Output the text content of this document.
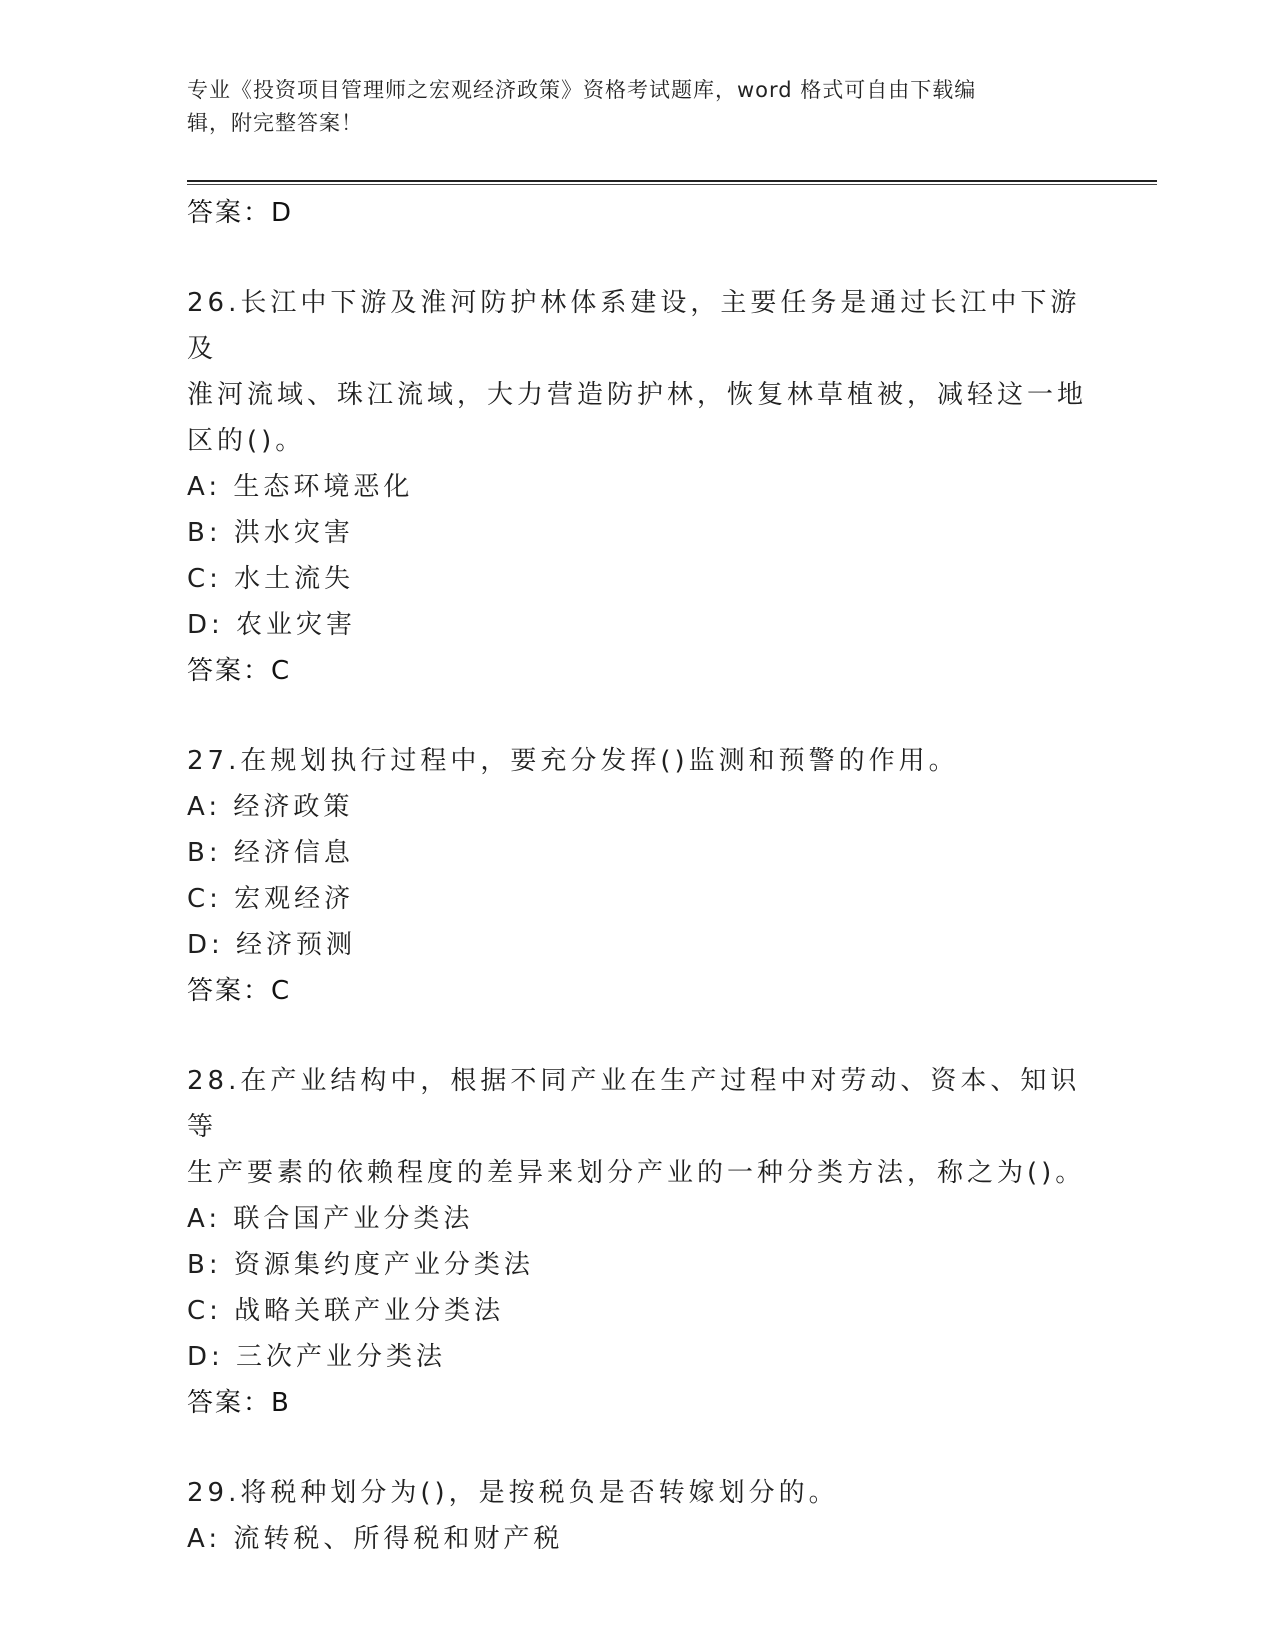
专业《投资项目管理师之宏观经济政策》资格考试题库，word 格式可自由下载编
辑，附完整答案！
答案：D
26.长江中下游及淮河防护林体系建设，主要任务是通过长江中下游及
淮河流域、珠江流域，大力营造防护林，恢复林草植被，减轻这一地
区的()。
A: 生态环境恶化
B: 洪水灾害
C: 水土流失
D: 农业灾害
答案：C
27.在规划执行过程中，要充分发挥()监测和预警的作用。
A: 经济政策
B: 经济信息
C: 宏观经济
D: 经济预测
答案：C
28.在产业结构中，根据不同产业在生产过程中对劳动、资本、知识等
生产要素的依赖程度的差异来划分产业的一种分类方法，称之为()。
A: 联合国产业分类法
B: 资源集约度产业分类法
C: 战略关联产业分类法
D: 三次产业分类法
答案：B
29.将税种划分为()，是按税负是否转嫁划分的。
A: 流转税、所得税和财产税
